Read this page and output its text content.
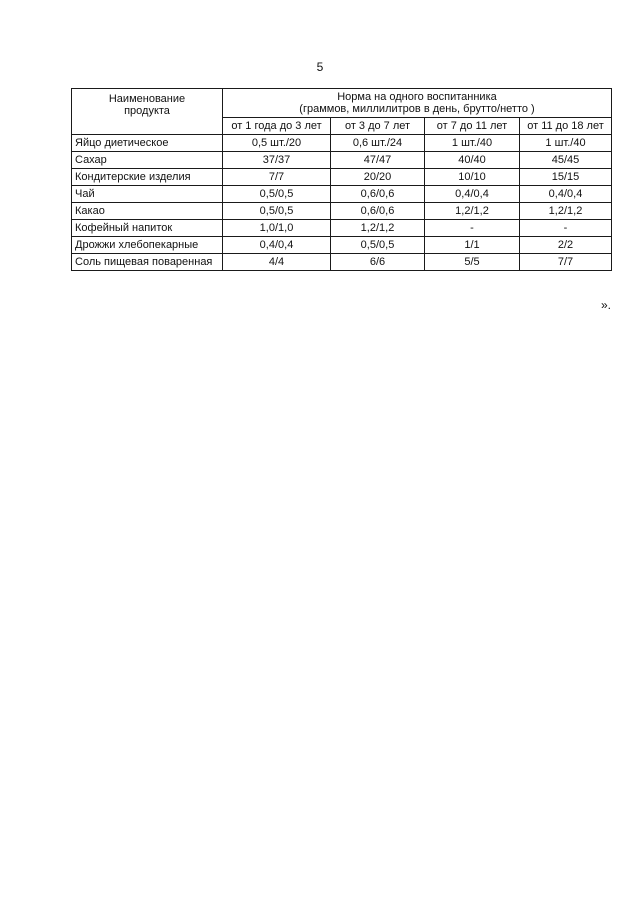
5
Наименование продукта	Норма на одного воспитанника
(граммов, миллилитров в день, брутто/нетто )			

	от 1 года до 3 лет	от 3 до 7 лет	от 7 до 11 лет	от 11 до 18 лет
Яйцо диетическое	0,5 шт./20	0,6 шт./24	1 шт./40	1 шт./40
Сахар	37/37	47/47	40/40	45/45
Кондитерские изделия	7/7	20/20	10/10	15/15
Чай	0,5/0,5	0,6/0,6	0,4/0,4	0,4/0,4
Какао	0,5/0,5	0,6/0,6	1,2/1,2	1,2/1,2
Кофейный напиток	1,0/1,0	1,2/1,2	-	-
Дрожжи хлебопекарные	0,4/0,4	0,5/0,5	1/1	2/2
Соль пищевая поваренная	4/4	6/6	5/5	7/7
».
